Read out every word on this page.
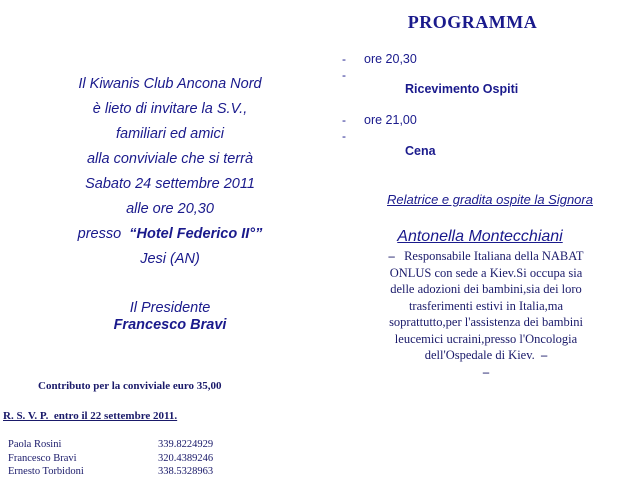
Il Kiwanis Club Ancona Nord
è lieto di invitare la S.V.,
familiari ed amici
alla conviviale che si terrà
Sabato 24 settembre 2011
alle ore 20,30
presso  “Hotel Federico II°”
Jesi (AN)
Il Presidente
Francesco Bravi
Contributo per la conviviale euro 35,00
R. S. V. P.  entro il 22 settembre 2011.
Paola Rosini	339.8224929
Francesco Bravi	320.4389246
Ernesto Torbidoni	338.5328963
PROGRAMMA
- ore 20,30
-
Ricevimento Ospiti
- ore 21,00
-
Cena
Relatrice e gradita ospite la Signora
Antonella Montecchiani
– Responsabile Italiana della NABAT
ONLUS con sede a Kiev.Si occupa sia
delle adozioni dei bambini,sia dei loro
trasferimenti estivi in Italia,ma
soprattutto,per l'assistenza dei bambini
leucemici ucraini,presso l'Oncologia
dell'Ospedale di Kiev. –
–
